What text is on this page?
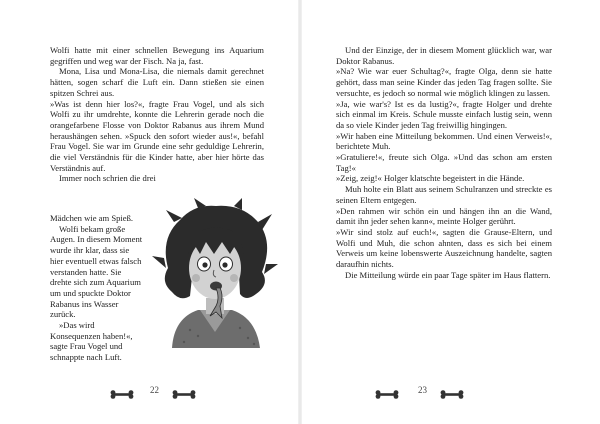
Wolfi hatte mit einer schnellen Bewegung ins Aquarium gegriffen und weg war der Fisch. Na ja, fast.

Mona, Lisa und Mona-Lisa, die niemals damit gerechnet hätten, sogen scharf die Luft ein. Dann stießen sie einen spitzen Schrei aus.

»Was ist denn hier los?«, fragte Frau Vogel, und als sich Wolfi zu ihr umdrehte, konnte die Lehrerin gerade noch die orangefarbene Flosse von Doktor Rabanus aus ihrem Mund heraushängen sehen. »Spuck den sofort wieder aus!«, befahl Frau Vogel. Sie war im Grunde eine sehr geduldige Lehrerin, die viel Verständnis für die Kinder hatte, aber hier hörte das Verständnis auf.

Immer noch schrien die drei

Mädchen wie am Spieß.

Wolfi bekam große Augen. In diesem Moment wurde ihr klar, dass sie hier eventuell etwas falsch verstanden hatte. Sie drehte sich zum Aquarium um und spuckte Doktor Rabanus ins Wasser zurück.

»Das wird Konsequenzen haben!«, sagte Frau Vogel und schnappte nach Luft.

22

Und der Einzige, der in diesem Moment glücklich war, war Doktor Rabanus.

»Na? Wie war euer Schultag?«, fragte Olga, denn sie hatte gehört, dass man seine Kinder das jeden Tag fragen sollte. Sie versuchte, es jedoch so normal wie möglich klingen zu lassen.

»Ja, wie war's? Ist es da lustig?«, fragte Holger und drehte sich einmal im Kreis. Schule musste einfach lustig sein, wenn da so viele Kinder jeden Tag freiwillig hingingen.

»Wir haben eine Mitteilung bekommen. Und einen Verweis!«, berichtete Muh.

»Gratuliere!«, freute sich Olga. »Und das schon am ersten Tag!«

»Zeig, zeig!« Holger klatschte begeistert in die Hände.

Muh holte ein Blatt aus seinem Schulranzen und streckte es seinen Eltern entgegen.

»Den rahmen wir schön ein und hängen ihn an die Wand, damit ihn jeder sehen kann«, meinte Holger gerührt.

»Wir sind stolz auf euch!«, sagten die Grause-Eltern, und Wolfi und Muh, die schon ahnten, dass es sich bei einem Verweis um keine lobenswerte Auszeichnung handelte, sagten daraufhin nichts.

Die Mitteilung würde ein paar Tage später im Haus flattern.

23
